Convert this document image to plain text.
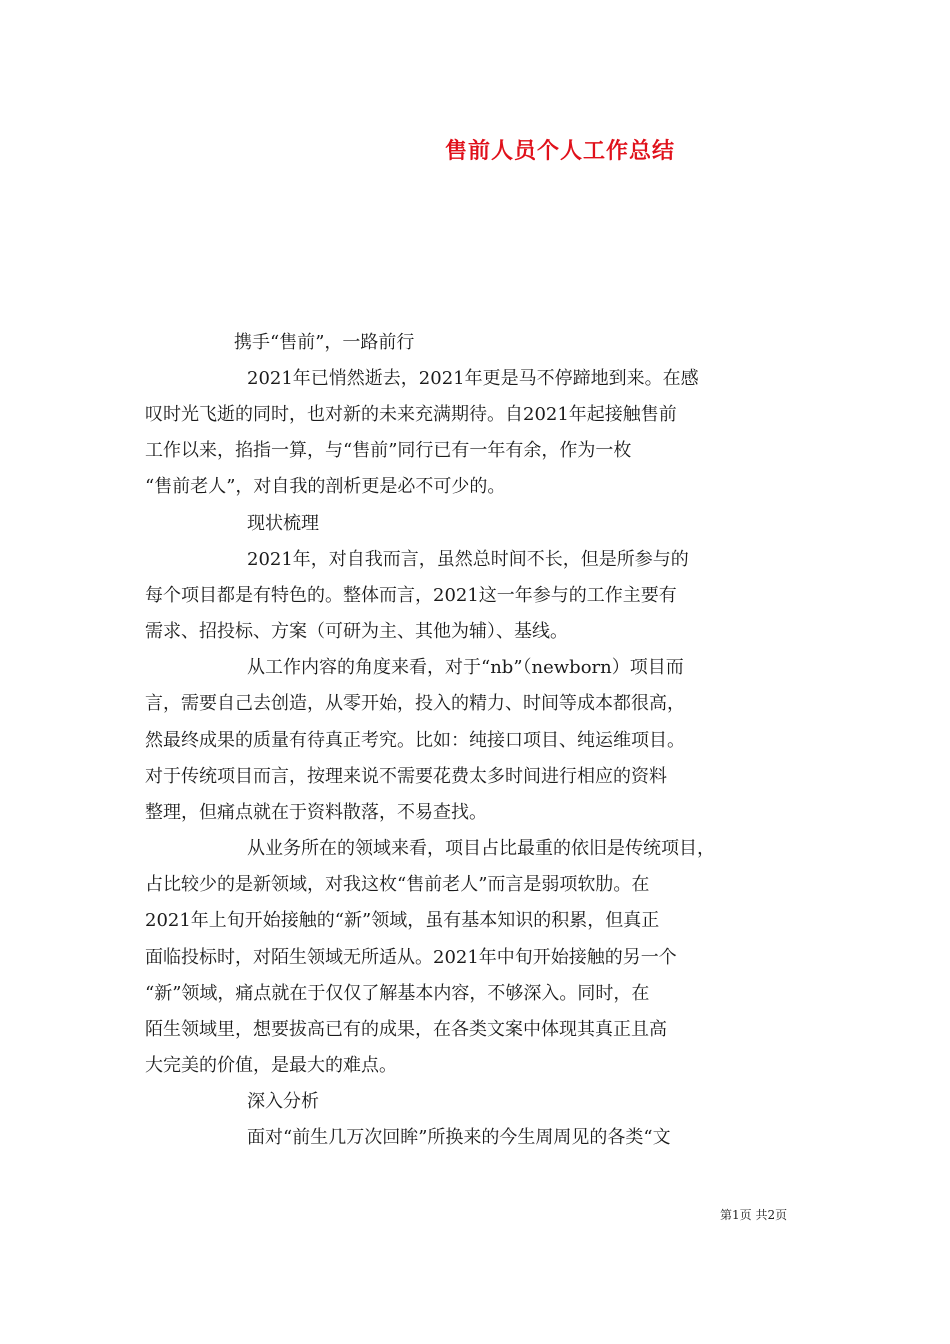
售前人员个人工作总结
携手“售前”，一路前行
2021年已悄然逝去，2021年更是马不停蹄地到来。在感
叹时光飞逝的同时，也对新的未来充满期待。自2021年起接触售前
工作以来，掐指一算，与“售前”同行已有一年有余，作为一枚
“售前老人”，对自我的剖析更是必不可少的。
现状梳理
2021年，对自我而言，虽然总时间不长，但是所参与的
每个项目都是有特色的。整体而言，2021这一年参与的工作主要有
需求、招投标、方案（可研为主、其他为辅）、基线。
从工作内容的角度来看，对于“nb”（newborn）项目而
言，需要自己去创造，从零开始，投入的精力、时间等成本都很高，
然最终成果的质量有待真正考究。比如：纯接口项目、纯运维项目。
对于传统项目而言，按理来说不需要花费太多时间进行相应的资料
整理，但痛点就在于资料散落，不易查找。
从业务所在的领域来看，项目占比最重的依旧是传统项目，
占比较少的是新领域，对我这枚“售前老人”而言是弱项软肋。在
2021年上旬开始接触的“新”领域，虽有基本知识的积累，但真正
面临投标时，对陌生领域无所适从。2021年中旬开始接触的另一个
“新”领域，痛点就在于仅仅了解基本内容，不够深入。同时，在
陌生领域里，想要拔高已有的成果，在各类文案中体现其真正且高
大完美的价值，是最大的难点。
深入分析
面对“前生几万次回眸”所换来的今生周周见的各类“文
第1页 共2页
